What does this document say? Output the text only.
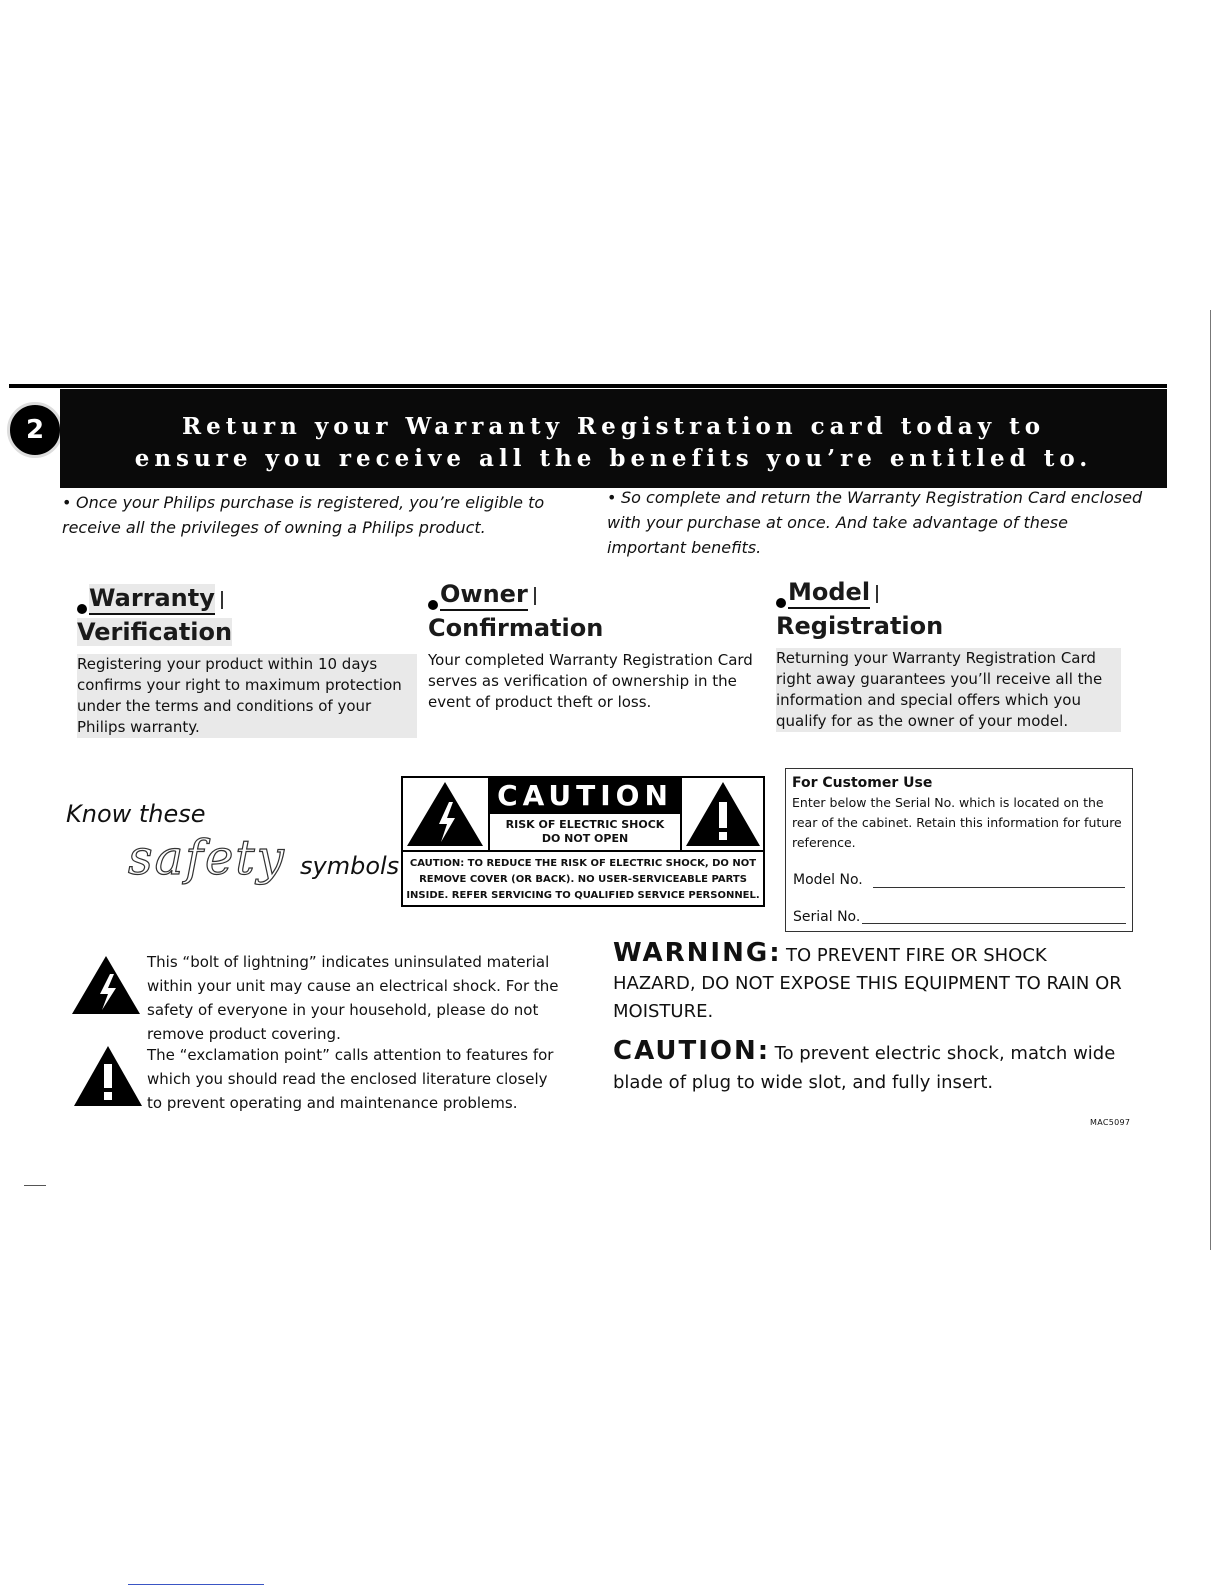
2	Return your Warranty Registration card today to
ensure you receive all the benefits you’re entitled to.
• Once your Philips purchase is registered, you’re eligible to receive all the privileges of owning a Philips product.
• So complete and return the Warranty Registration Card enclosed with your purchase at once. And take advantage of these important benefits.
Warranty
Verification
Registering your product within 10 days confirms your right to maximum protection under the terms and conditions of your Philips warranty.
Owner
Confirmation
Your completed Warranty Registration Card serves as verification of ownership in the event of product theft or loss.
Model
Registration
Returning your Warranty Registration Card right away guarantees you’ll receive all the information and special offers which you qualify for as the owner of your model.
Know these
safety symbols
CAUTION
RISK OF ELECTRIC SHOCK
DO NOT OPEN
CAUTION: TO REDUCE THE RISK OF ELECTRIC SHOCK, DO NOT REMOVE COVER (OR BACK). NO USER-SERVICEABLE PARTS INSIDE. REFER SERVICING TO QUALIFIED SERVICE PERSONNEL.
For Customer Use
Enter below the Serial No. which is located on the rear of the cabinet. Retain this information for future reference.
Model No.
Serial No.
This “bolt of lightning” indicates uninsulated material within your unit may cause an electrical shock. For the safety of everyone in your household, please do not remove product covering.
The “exclamation point” calls attention to features for which you should read the enclosed literature closely to prevent operating and maintenance problems.
WARNING: TO PREVENT FIRE OR SHOCK HAZARD, DO NOT EXPOSE THIS EQUIPMENT TO RAIN OR MOISTURE.
CAUTION: To prevent electric shock, match wide blade of plug to wide slot, and fully insert.
MAC5097
